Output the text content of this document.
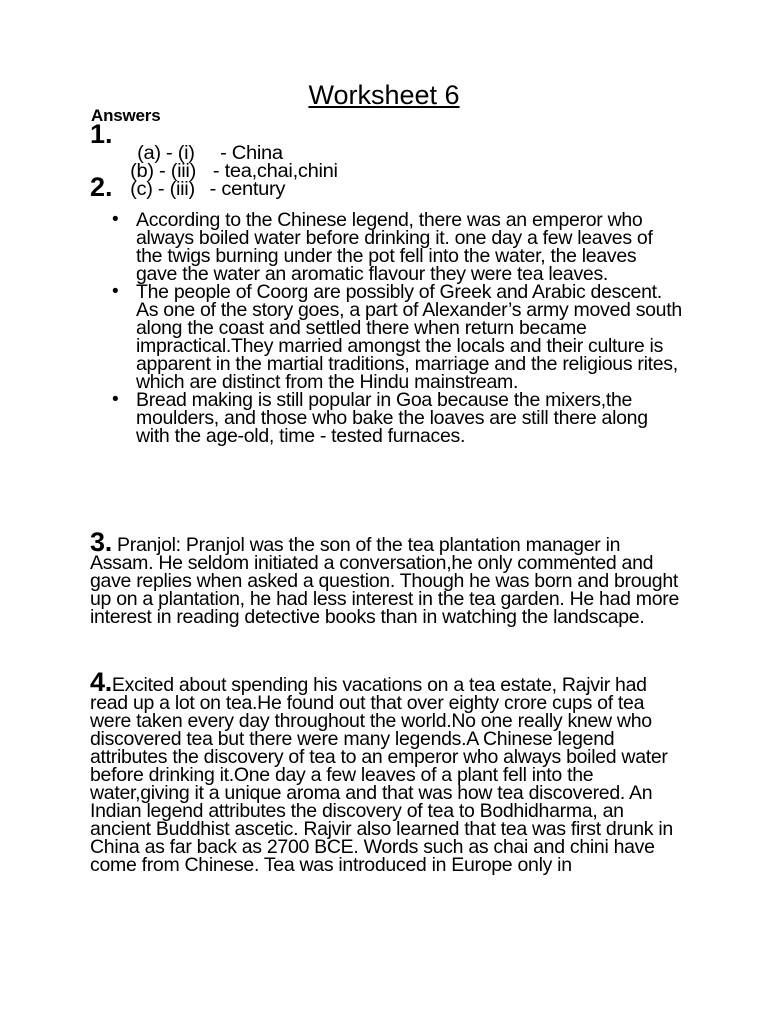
Worksheet 6
Answers
1.

(a) - (i) - China

(b) - (iii) - tea,chai,chini

(c) - (iii) - century

2.
• According to the Chinese legend, there was an emperor who always boiled water before drinking it. one day a few leaves of the twigs burning under the pot fell into the water, the leaves gave the water an aromatic flavour they were tea leaves.
• The people of Coorg are possibly of Greek and Arabic descent. As one of the story goes, a part of Alexander’s army moved south along the coast and settled there when return became impractical.They married amongst the locals and their culture is apparent in the martial traditions, marriage and the religious rites, which are distinct from the Hindu mainstream.
• Bread making is still popular in Goa because the mixers,the moulders, and those who bake the loaves are still there along with the age-old, time - tested furnaces.

3. Pranjol: Pranjol was the son of the tea plantation manager in Assam. He seldom initiated a conversation,he only commented and gave replies when asked a question. Though he was born and brought up on a plantation, he had less interest in the tea garden. He had more interest in reading detective books than in watching the landscape.

4.Excited about spending his vacations on a tea estate, Rajvir had read up a lot on tea.He found out that over eighty crore cups of tea were taken every day throughout the world.No one really knew who discovered tea but there were many legends.A Chinese legend attributes the discovery of tea to an emperor who always boiled water before drinking it.One day a few leaves of a plant fell into the water,giving it a unique aroma and that was how tea discovered. An Indian legend attributes the discovery of tea to Bodhidharma, an ancient Buddhist ascetic. Rajvir also learned that tea was first drunk in China as far back as 2700 BCE. Words such as chai and chini have come from Chinese. Tea was introduced in Europe only in
